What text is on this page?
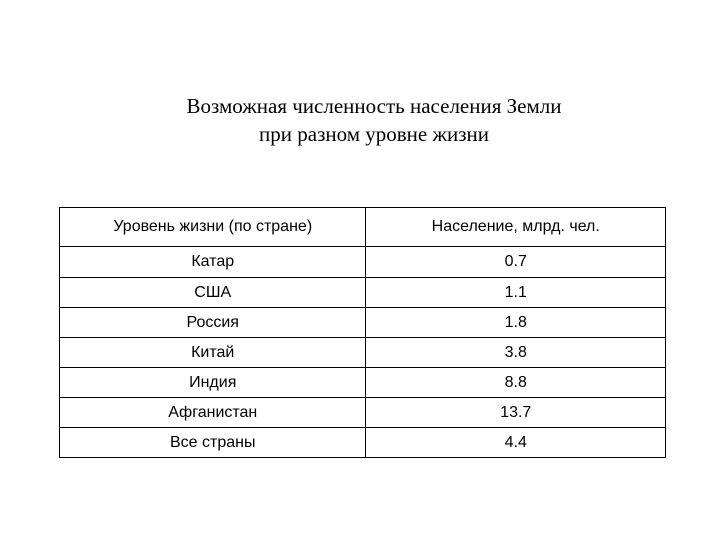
Возможная численность населения Земли
при разном уровне жизни
Уровень жизни (по стране)	Население, млрд. чел.
Катар	0.7
США	1.1
Россия	1.8
Китай	3.8
Индия	8.8
Афганистан	13.7
Все страны	4.4
